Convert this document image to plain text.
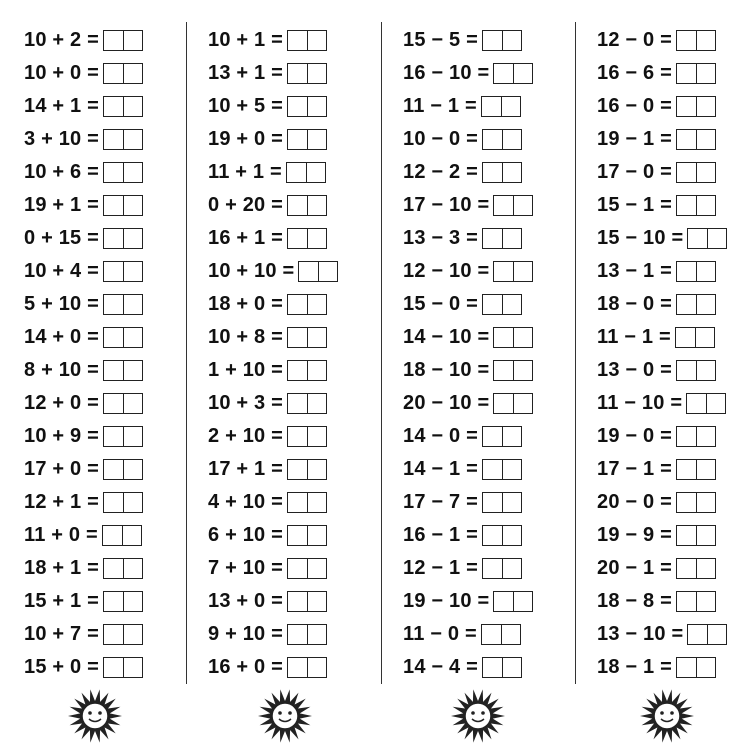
10 + 2 =
10 + 0 =
14 + 1 =
3 + 10 =
10 + 6 =
19 + 1 =
0 + 15 =
10 + 4 =
5 + 10 =
14 + 0 =
8 + 10 =
12 + 0 =
10 + 9 =
17 + 0 =
12 + 1 =
11 + 0 =
18 + 1 =
15 + 1 =
10 + 7 =
15 + 0 =
10 + 1 =
13 + 1 =
10 + 5 =
19 + 0 =
11 + 1 =
0 + 20 =
16 + 1 =
10 + 10 =
18 + 0 =
10 + 8 =
1 + 10 =
10 + 3 =
2 + 10 =
17 + 1 =
4 + 10 =
6 + 10 =
7 + 10 =
13 + 0 =
9 + 10 =
16 + 0 =
15 − 5 =
16 − 10 =
11 − 1 =
10 − 0 =
12 − 2 =
17 − 10 =
13 − 3 =
12 − 10 =
15 − 0 =
14 − 10 =
18 − 10 =
20 − 10 =
14 − 0 =
14 − 1 =
17 − 7 =
16 − 1 =
12 − 1 =
19 − 10 =
11 − 0 =
14 − 4 =
12 − 0 =
16 − 6 =
16 − 0 =
19 − 1 =
17 − 0 =
15 − 1 =
15 − 10 =
13 − 1 =
18 − 0 =
11 − 1 =
13 − 0 =
11 − 10 =
19 − 0 =
17 − 1 =
20 − 0 =
19 − 9 =
20 − 1 =
18 − 8 =
13 − 10 =
18 − 1 =
